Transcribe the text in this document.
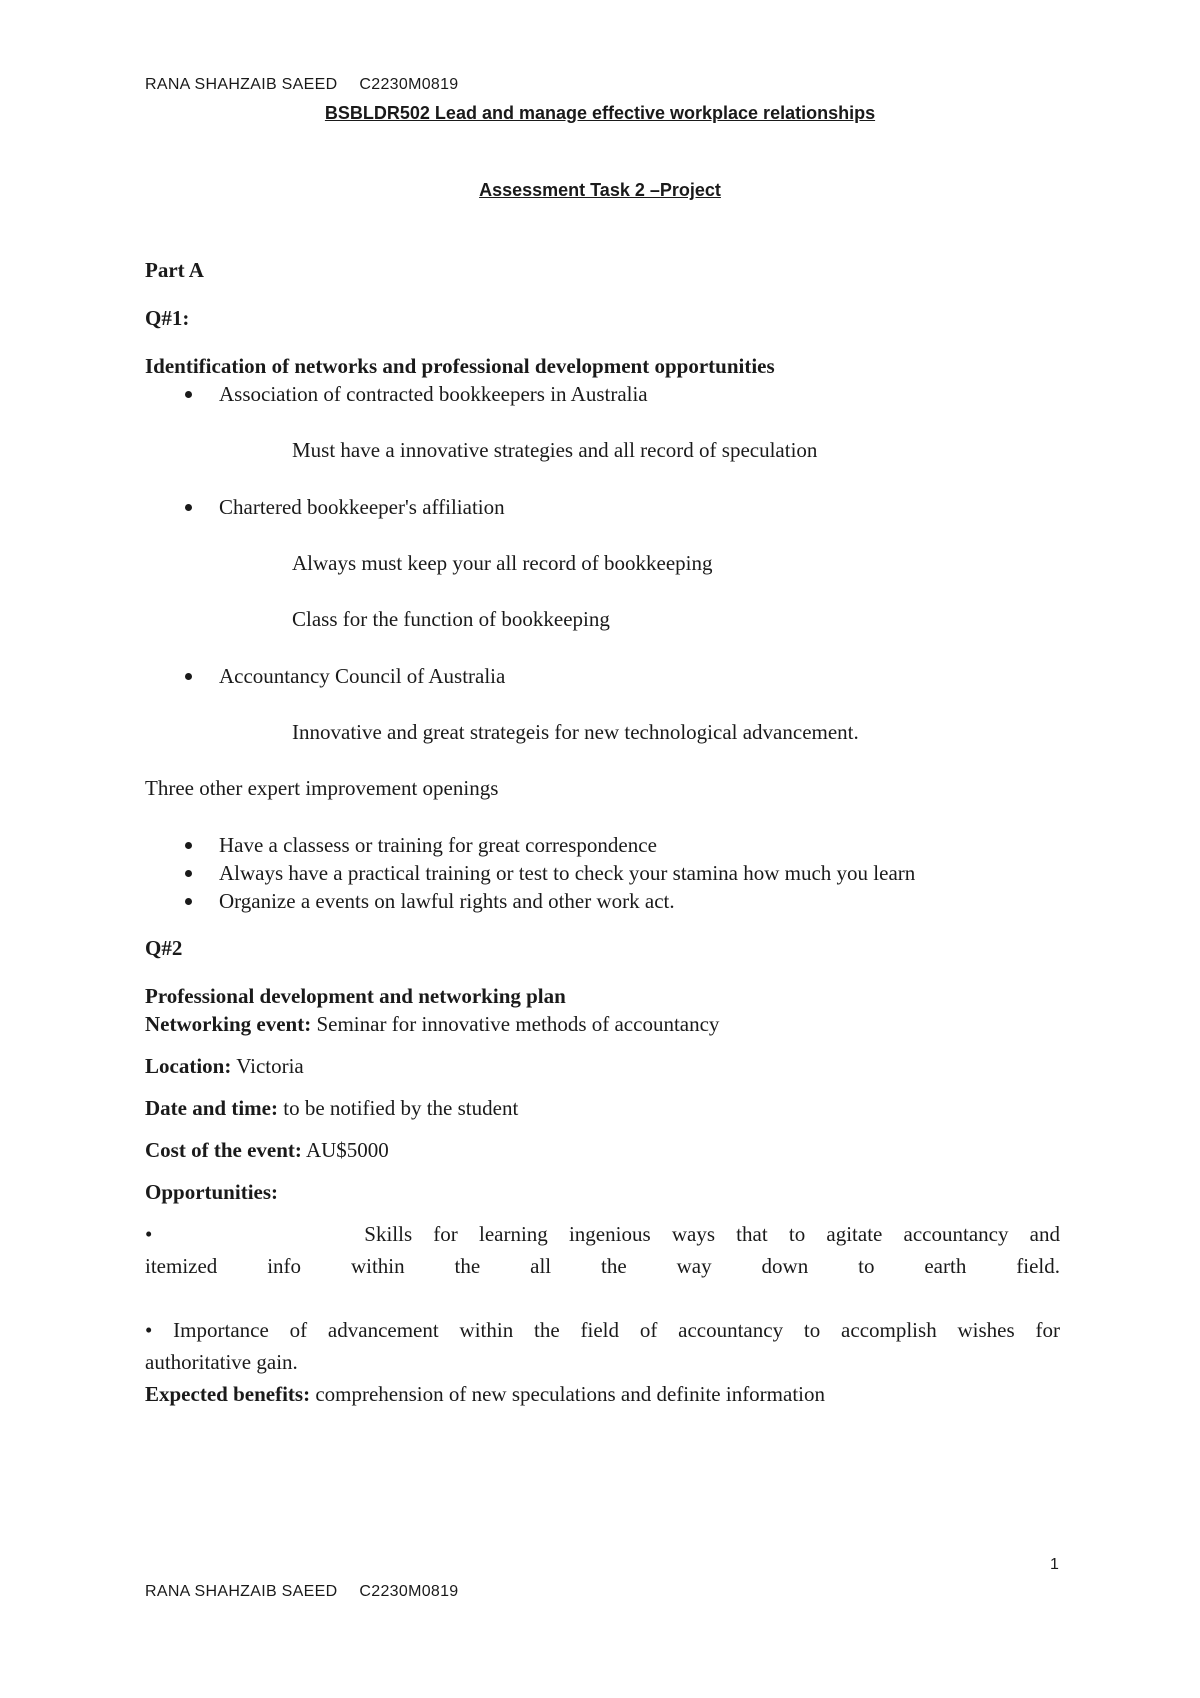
RANA SHAHZAIB SAEED C2230M0819
BSBLDR502 Lead and manage effective workplace relationships
Assessment Task 2 –Project
Part A
Q#1:
Identification of networks and professional development opportunities
Association of contracted bookkeepers in Australia
Must have a innovative strategies and all record of speculation
Chartered bookkeeper's affiliation
Always must keep your all record of bookkeeping
Class for the function of bookkeeping
Accountancy Council of Australia
Innovative and great strategeis for new technological advancement.
Three other expert improvement openings
Have a classess or training for great correspondence
Always have a practical training or test to check your stamina how much you learn
Organize a events on lawful rights and other work act.
Q#2
Professional development and networking plan
Networking event: Seminar for innovative methods of accountancy
Location: Victoria
Date and time: to be notified by the student
Cost of the event: AU$5000
Opportunities:
•          Skills for learning ingenious ways that to agitate accountancy and
itemized info within the all the way down to earth field.
• Importance of advancement within the field of accountancy to accomplish wishes for
authoritative gain.
Expected benefits: comprehension of new speculations and definite information
1
RANA SHAHZAIB SAEED C2230M0819
